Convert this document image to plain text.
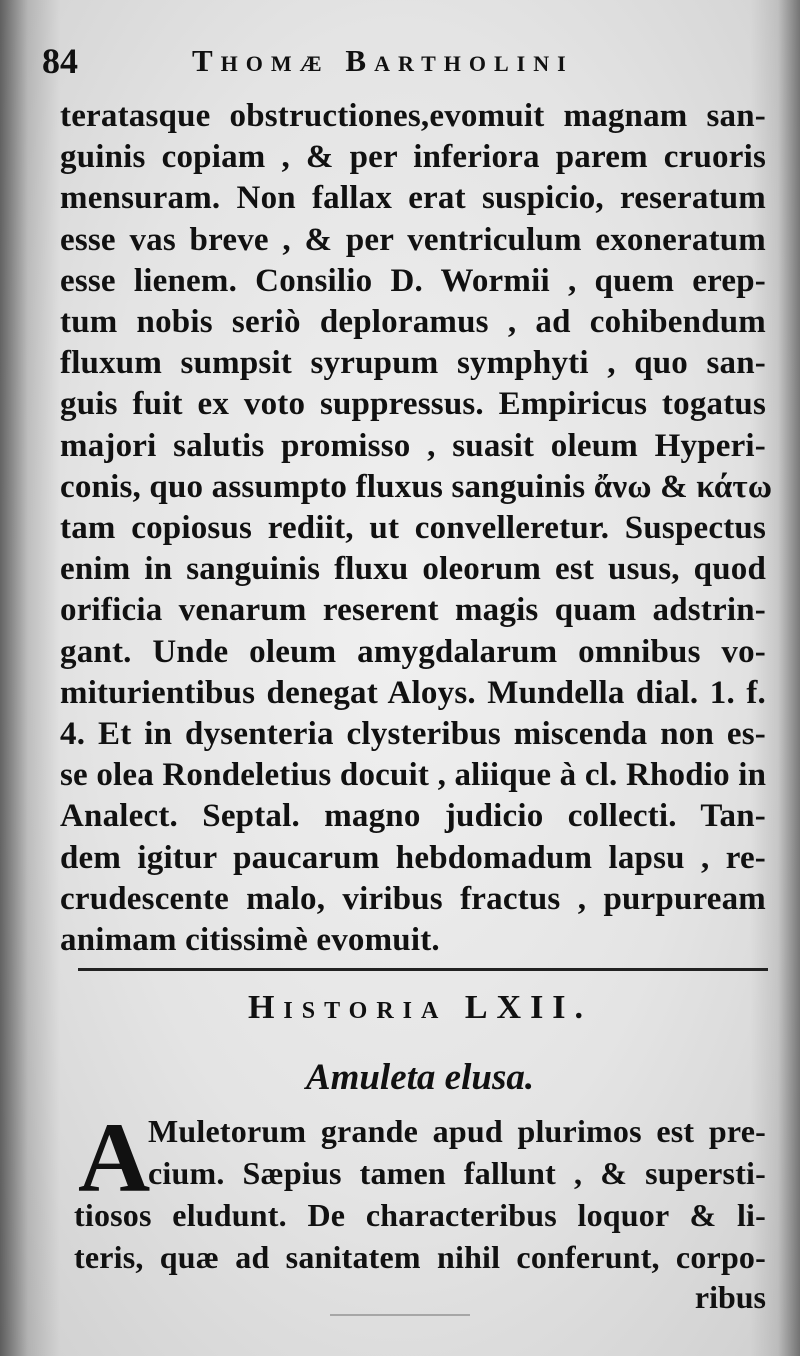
84	Thomæ Bartholini
teratasque obstructiones,evomuit magnam san-
guinis copiam , & per inferiora parem cruoris
mensuram. Non fallax erat suspicio, reseratum
esse vas breve , & per ventriculum exoneratum
esse lienem. Consilio D. Wormii , quem erep-
tum nobis seriò deploramus , ad cohibendum
fluxum sumpsit syrupum symphyti , quo san-
guis fuit ex voto suppressus. Empiricus togatus
majori salutis promisso , suasit oleum Hyperi-
conis, quo assumpto fluxus sanguinis ἄνω & κάτω
tam copiosus rediit, ut convelleretur. Suspectus
enim in sanguinis fluxu oleorum est usus, quod
orificia venarum reserent magis quam adstrin-
gant. Unde oleum amygdalarum omnibus vo-
miturientibus denegat Aloys. Mundella dial. 1. f.
4. Et in dysenteria clysteribus miscenda non es-
se olea Rondeletius docuit , aliique à cl. Rhodio in
Analect. Septal. magno judicio collecti. Tan-
dem igitur paucarum hebdomadum lapsu , re-
crudescente malo, viribus fractus , purpuream
animam citissimè evomuit.
Historia LXII.
Amuleta elusa.
A
Muletorum grande apud plurimos est pre-
cium. Sæpius tamen fallunt , & supersti-
tiosos eludunt. De characteribus loquor & li-
teris, quæ ad sanitatem nihil conferunt, corpo-
ribus
